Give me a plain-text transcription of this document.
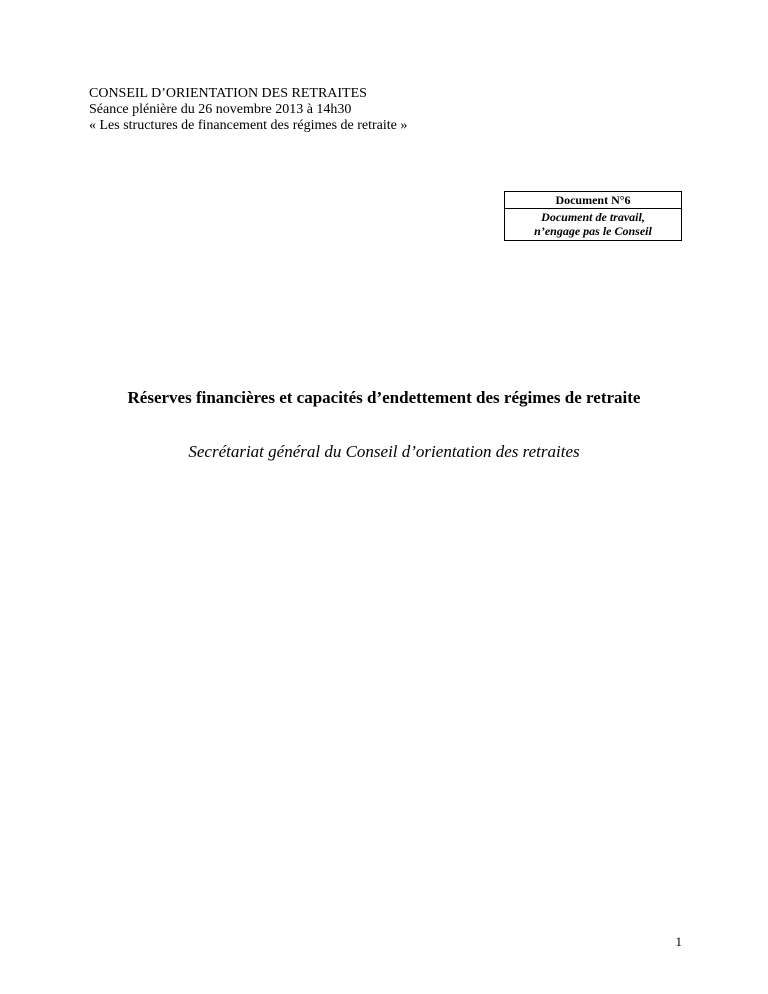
CONSEIL D’ORIENTATION DES RETRAITES
Séance plénière du 26 novembre 2013 à 14h30
« Les structures de financement des régimes de retraite »
Document N°6
Document de travail,
n’engage pas le Conseil
Réserves financières et capacités d’endettement des régimes de retraite
Secrétariat général du Conseil d’orientation des retraites
1
